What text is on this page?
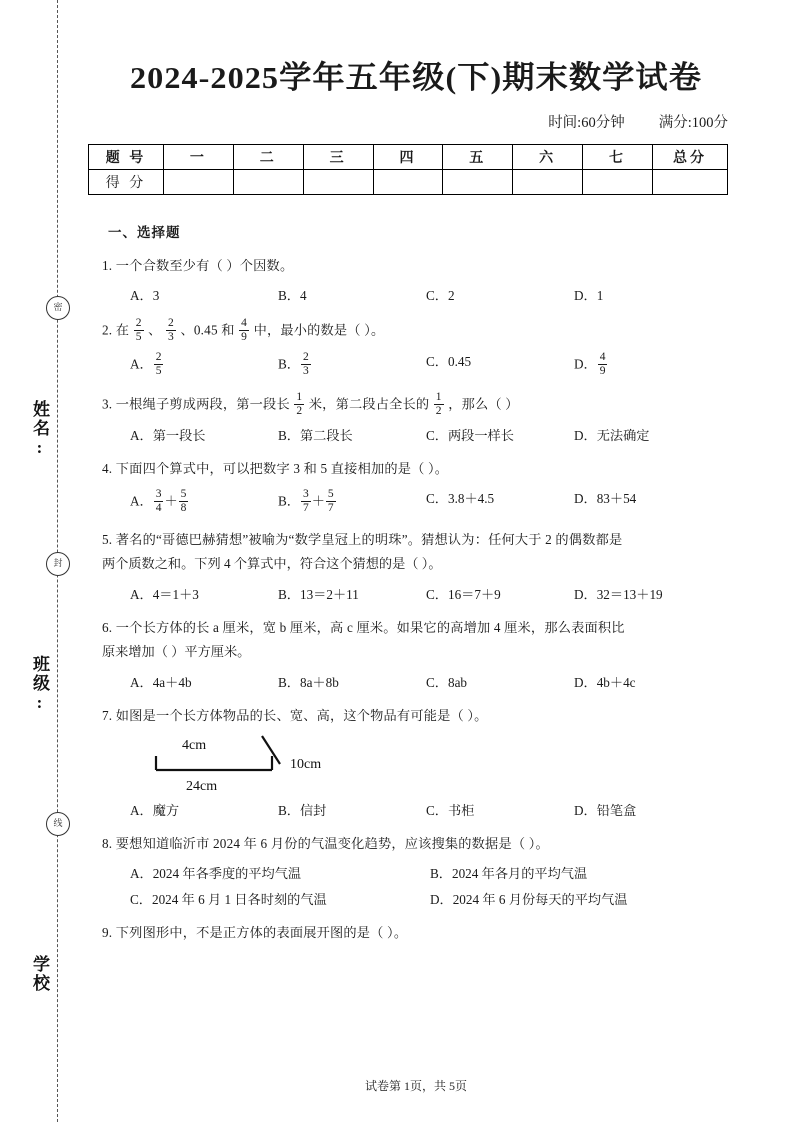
密
姓名:
封
班级:
线
学校
2024-2025学年五年级(下)期末数学试卷
时间:60分钟 满分:100分
题 号	一	二	三	四	五	六	七	总分
得 分								
一、选择题
1. 一个合数至少有（ ）个因数。
A．3	B．4	C．2	D．1
2. 在 $\frac{2}{5}$ 、 $\frac{2}{3}$ 、0.45 和 $\frac{4}{9}$ 中，最小的数是（ ）。
A． $\frac{2}{5}$	B． $\frac{2}{3}$	C．0.45	D． $\frac{4}{9}$
3. 一根绳子剪成两段，第一段长 $\frac{1}{2}$ 米，第二段占全长的 $\frac{1}{2}$ ，那么（ ）
A．第一段长	B．第二段长	C．两段一样长	D．无法确定
4. 下面四个算式中，可以把数字 3 和 5 直接相加的是（ ）。
A． $\frac{3}{4} + \frac{5}{8}$	B． $\frac{3}{7} + \frac{5}{7}$	C．3.8＋4.5	D．83＋54
5. 著名的“哥德巴赫猜想”被喻为“数学皇冠上的明珠”。猜想认为：任何大于 2 的偶数都是
两个质数之和。下列 4 个算式中，符合这个猜想的是（ ）。
A．4＝1＋3	B．13＝2＋11	C．16＝7＋9	D．32＝13＋19
6. 一个长方体的长 a 厘米，宽 b 厘米，高 c 厘米。如果它的高增加 4 厘米，那么表面积比
原来增加（ ）平方厘米。
A．4a＋4b	B．8a＋8b	C．8ab	D．4b＋4c
7. 如图是一个长方体物品的长、宽、高，这个物品有可能是（ ）。
4cm
24cm
10cm
A．魔方	B．信封	C．书柜	D．铅笔盒
8. 要想知道临沂市 2024 年 6 月份的气温变化趋势，应该搜集的数据是（ ）。
A．2024 年各季度的平均气温	B．2024 年各月的平均气温
C．2024 年 6 月 1 日各时刻的气温	D．2024 年 6 月份每天的平均气温
9. 下列图形中，不是正方体的表面展开图的是（ ）。
试卷第 1页，共 5页
